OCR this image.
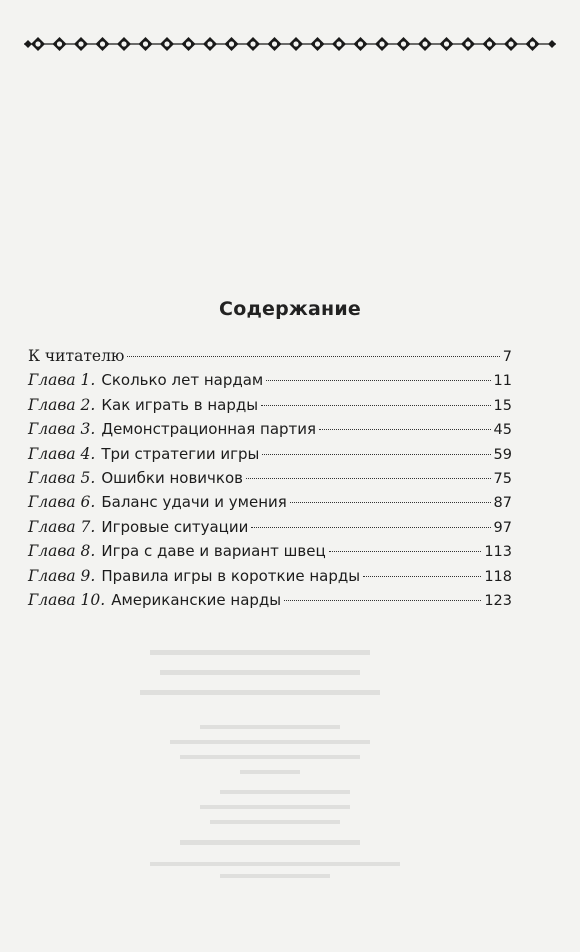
Содержание
К читателю	7
Глава 1. Сколько лет нардам	11
Глава 2. Как играть в нарды	15
Глава 3. Демонстрационная партия	45
Глава 4. Три стратегии игры	59
Глава 5. Ошибки новичков	75
Глава 6. Баланс удачи и умения	87
Глава 7. Игровые ситуации	97
Глава 8. Игра с даве и вариант швец	113
Глава 9. Правила игры в короткие нарды	118
Глава 10. Американские нарды	123
